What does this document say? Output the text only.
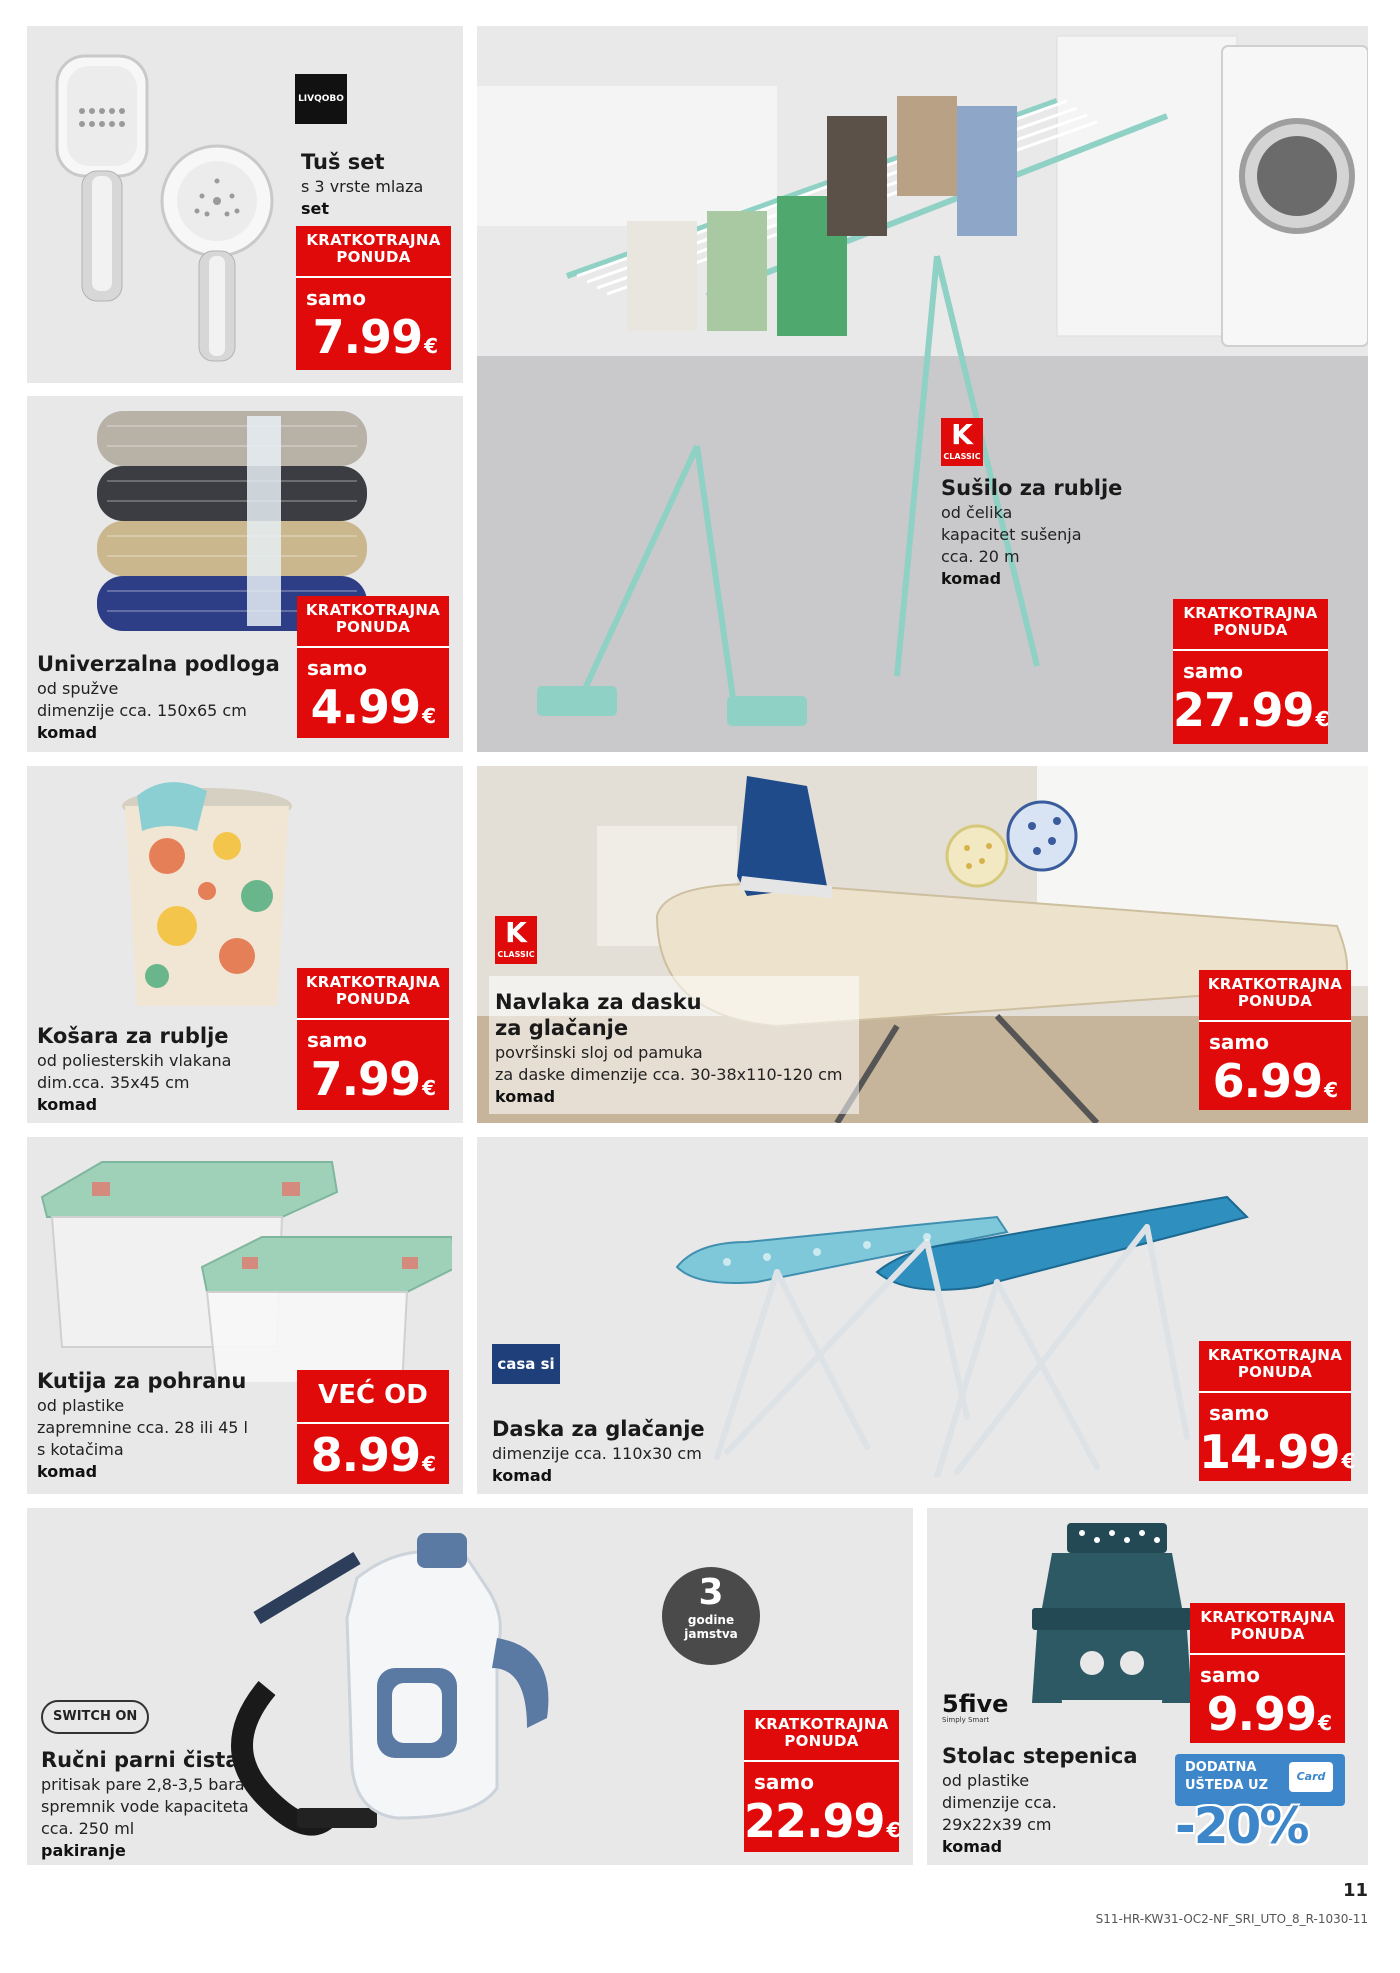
LIVQOBO
Tuš set
s 3 vrste mlaza
set
KRATKOTRAJNA PONUDA
samo
7.99 €
Univerzalna podloga
od spužve
dimenzije cca. 150x65 cm
komad
KRATKOTRAJNA PONUDA
samo
4.99 €
K
CLASSIC
Sušilo za rublje
od čelika
kapacitet sušenja
cca. 20 m
komad
KRATKOTRAJNA PONUDA
samo
27.99 €
Košara za rublje
od poliesterskih vlakana
dim.cca. 35x45 cm
komad
KRATKOTRAJNA PONUDA
samo
7.99 €
K
CLASSIC
Navlaka za dasku
za glačanje
površinski sloj od pamuka
za daske dimenzije cca. 30-38x110-120 cm
komad
KRATKOTRAJNA PONUDA
samo
6.99 €
Kutija za pohranu
od plastike
zapremnine cca. 28 ili 45 l
s kotačima
komad
VEĆ OD
8.99 €
casa si
Daska za glačanje
dimenzije cca. 110x30 cm
komad
KRATKOTRAJNA PONUDA
samo
14.99 €
3
godine
jamstva
SWITCH ON
Ručni parni čistač
pritisak pare 2,8-3,5 bara
spremnik vode kapaciteta
cca. 250 ml
pakiranje
KRATKOTRAJNA PONUDA
samo
22.99 €
5five
Simply Smart
Stolac stepenica
od plastike
dimenzije cca.
29x22x39 cm
komad
KRATKOTRAJNA PONUDA
samo
9.99 €
DODATNA
UŠTEDA UZ
Card
-20%
11
S11-HR-KW31-OC2-NF_SRI_UTO_8_R-1030-11
